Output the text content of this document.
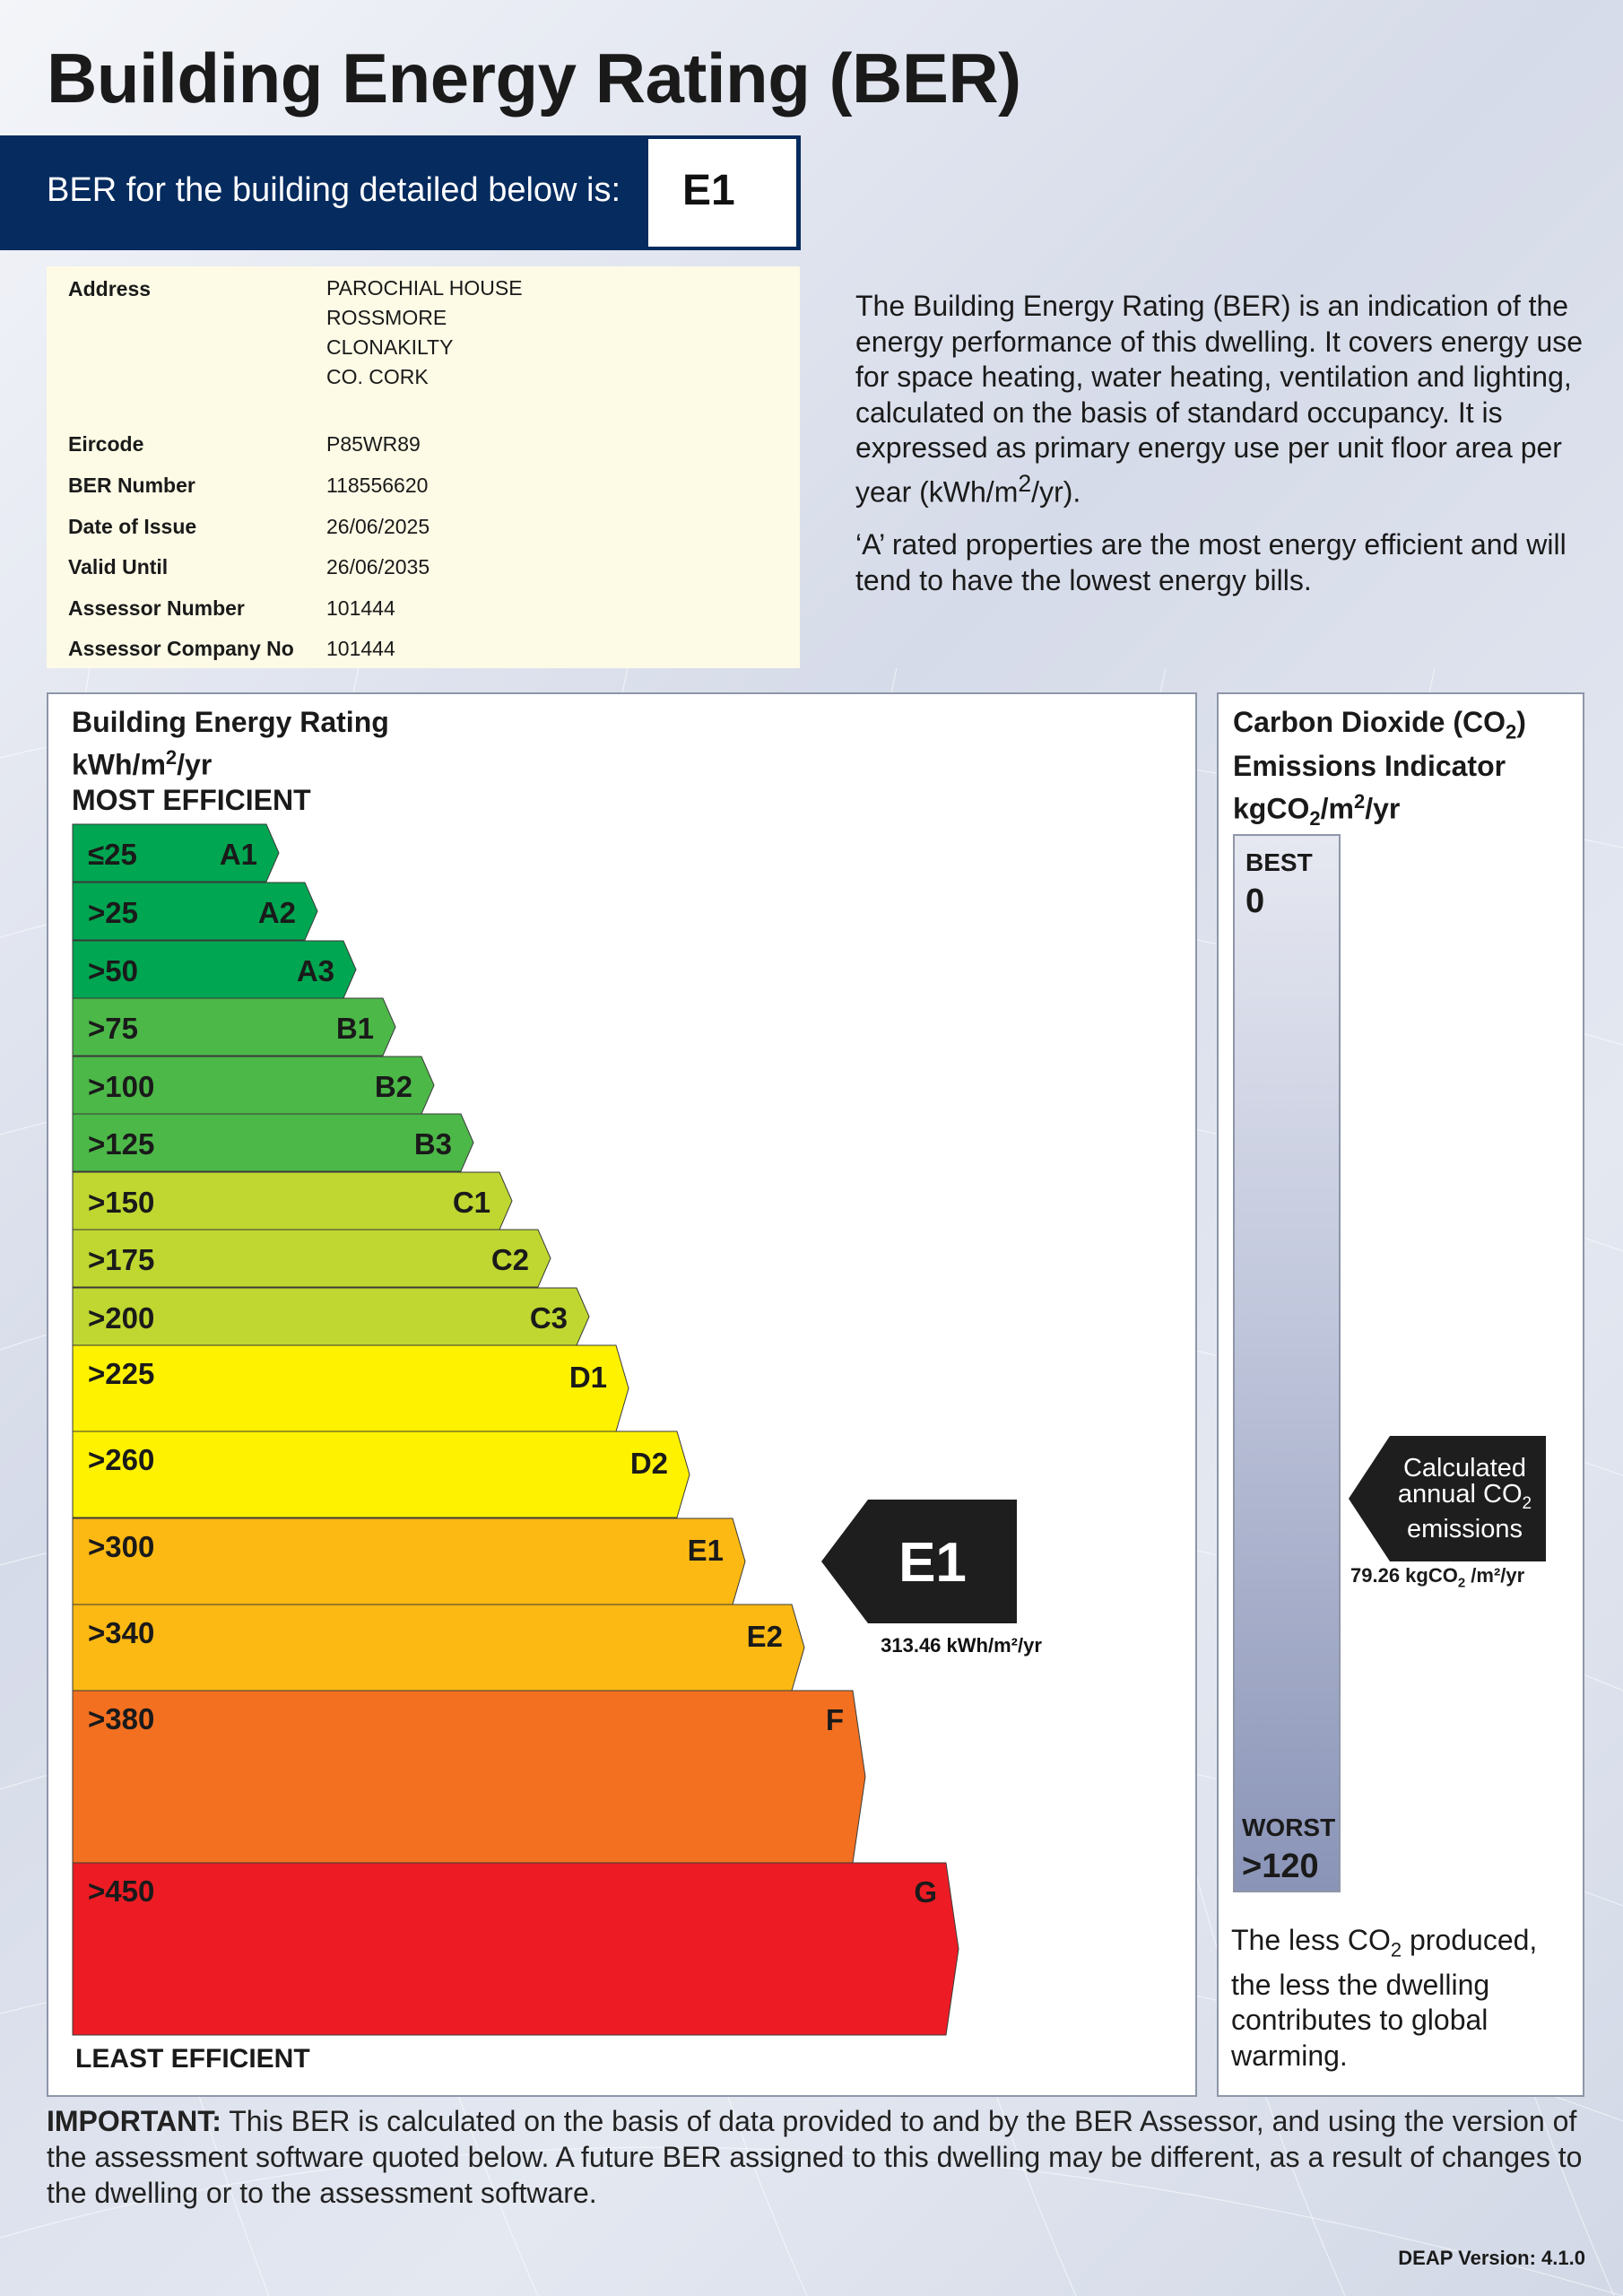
Building Energy Rating (BER)
BER for the building detailed below is: E1
Address	PAROCHIAL HOUSE
ROSSMORE
CLONAKILTY
CO. CORK
Eircode	P85WR89
BER Number	118556620
Date of Issue	26/06/2025
Valid Until	26/06/2035
Assessor Number	101444
Assessor Company No 101444

The Building Energy Rating (BER) is an indication of the energy performance of this dwelling. It covers energy use for space heating, water heating, ventilation and lighting, calculated on the basis of standard occupancy. It is expressed as primary energy use per unit floor area per year $(kWh/m^2/yr)$.

‘A’ rated properties are the most energy efficient and will tend to have the lowest energy bills.

Building Energy Rating
kWh/$m^2/yr$
MOST EFFICIENT
≤25	A1
>25	A2
>50	A3
>75	B1
>100	B2
>125	B3
>150	C1
>175	C2
>200	C3
>225	D1
>260	D2
>300	E1
>340	E2
>380	F
>450	G
E1
313.46 kWh/m²/yr
LEAST EFFICIENT
Carbon Dioxide $(CO_2)$
Emissions Indicator
$kgCO_2/m^2/yr$
BEST
0
WORST
>120
Calculated
annual $CO_2$
emissions
79.26 kgCO$_2$ /m²/yr
The less $CO_2$ produced, the less the dwelling contributes to global warming.

IMPORTANT: This BER is calculated on the basis of data provided to and by the BER Assessor, and using the version of the assessment software quoted below. A future BER assigned to this dwelling may be different, as a result of changes to the dwelling or to the assessment software.

DEAP Version: 4.1.0
